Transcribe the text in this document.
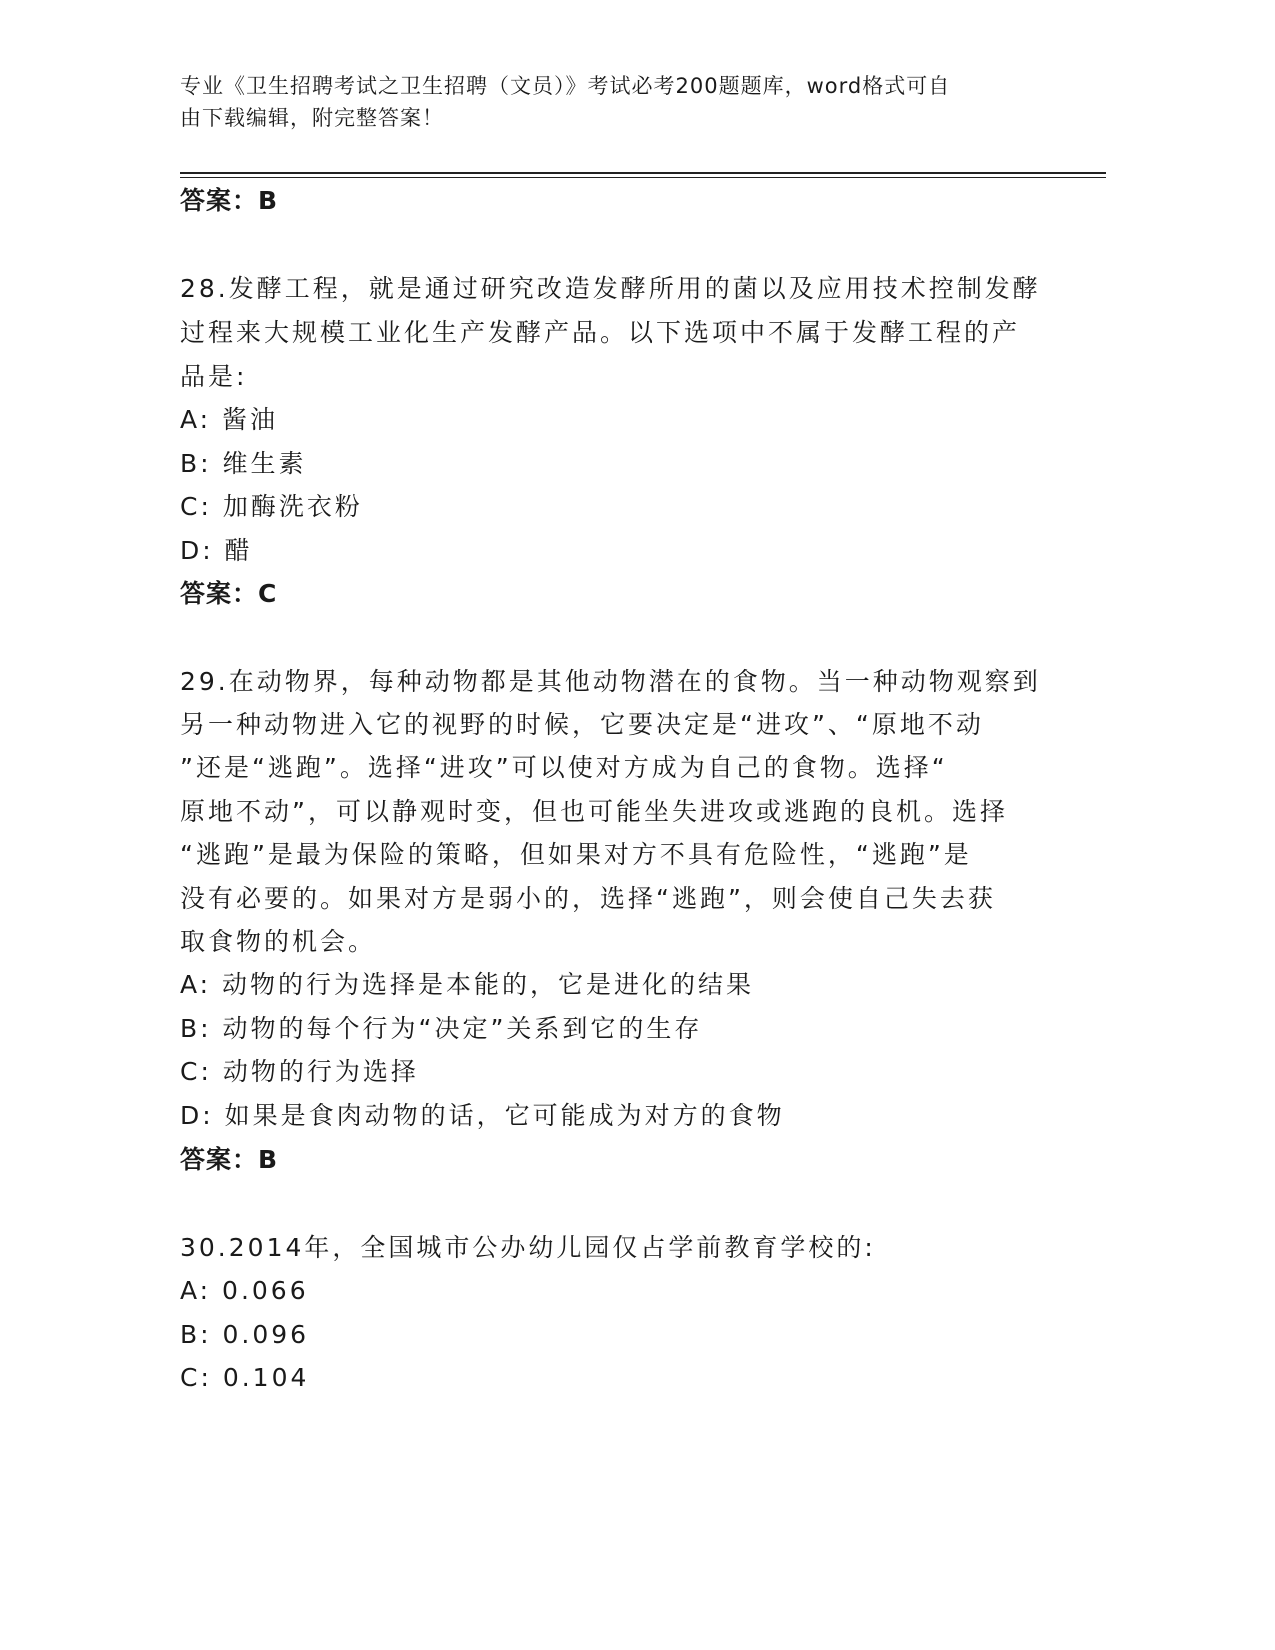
专业《卫生招聘考试之卫生招聘（文员）》考试必考200题题库，word格式可自
由下载编辑，附完整答案！
答案：B
28.发酵工程，就是通过研究改造发酵所用的菌以及应用技术控制发酵
过程来大规模工业化生产发酵产品。以下选项中不属于发酵工程的产
品是:
A: 酱油
B: 维生素
C: 加酶洗衣粉
D: 醋
答案：C
29.在动物界，每种动物都是其他动物潜在的食物。当一种动物观察到
另一种动物进入它的视野的时候，它要决定是“进攻”、“原地不动
”还是“逃跑”。选择“进攻”可以使对方成为自己的食物。选择“
原地不动”，可以静观时变，但也可能坐失进攻或逃跑的良机。选择
“逃跑”是最为保险的策略，但如果对方不具有危险性，“逃跑”是
没有必要的。如果对方是弱小的，选择“逃跑”，则会使自己失去获
取食物的机会。
A: 动物的行为选择是本能的，它是进化的结果
B: 动物的每个行为“决定”关系到它的生存
C: 动物的行为选择
D: 如果是食肉动物的话，它可能成为对方的食物
答案：B
30.2014年，全国城市公办幼儿园仅占学前教育学校的:
A: 0.066
B: 0.096
C: 0.104
